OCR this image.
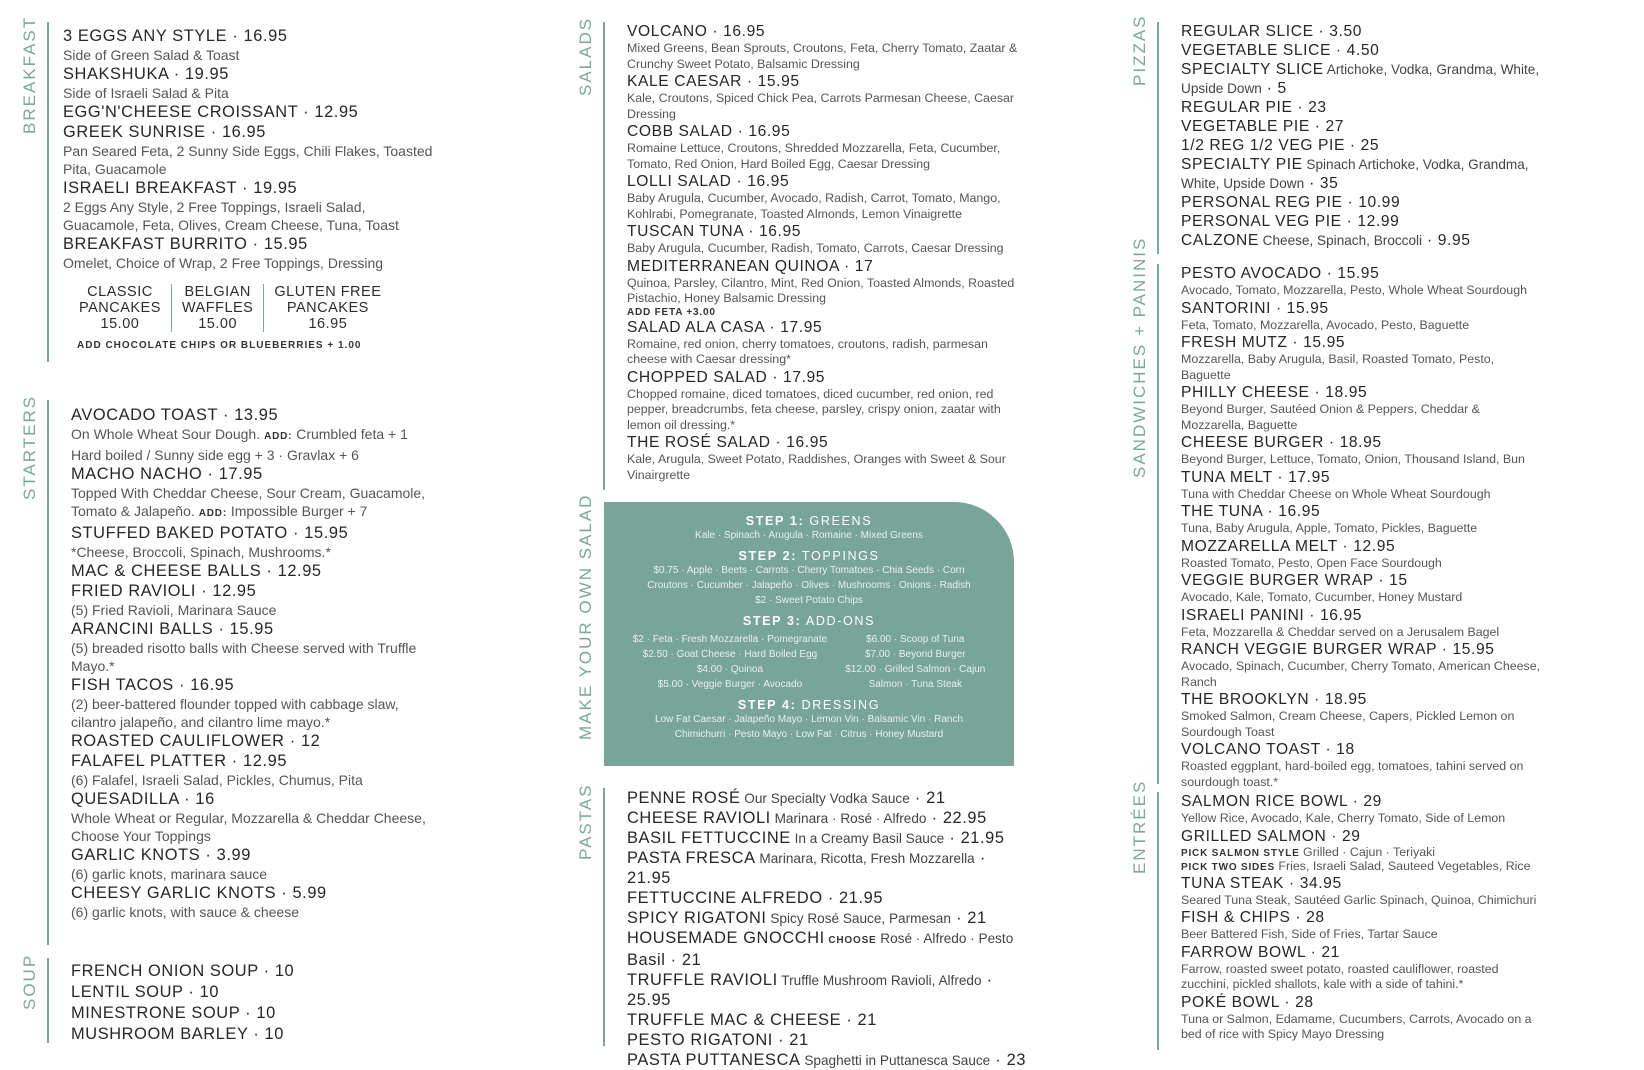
BREAKFAST 3 EGGS ANY STYLE · 16.95
Side of Green Salad & Toast
SHAKSHUKA · 19.95
Side of Israeli Salad & Pita
EGG'N'CHEESE CROISSANT · 12.95
GREEK SUNRISE · 16.95
Pan Seared Feta, 2 Sunny Side Eggs, Chili Flakes, Toasted
Pita, Guacamole
ISRAELI BREAKFAST · 19.95
2 Eggs Any Style, 2 Free Toppings, Israeli Salad,
Guacamole, Feta, Olives, Cream Cheese, Tuna, Toast
BREAKFAST BURRITO · 15.95
Omelet, Choice of Wrap, 2 Free Toppings, Dressing
CLASSIC
PANCAKES
15.00
BELGIAN
WAFFLES
15.00
GLUTEN FREE
PANCAKES
16.95
ADD CHOCOLATE CHIPS OR BLUEBERRIES + 1.00
STARTERS AVOCADO TOAST · 13.95
On Whole Wheat Sour Dough. ADD: Crumbled feta + 1
Hard boiled / Sunny side egg + 3 · Gravlax + 6
MACHO NACHO · 17.95
Topped With Cheddar Cheese, Sour Cream, Guacamole,
Tomato & Jalapeño. ADD: Impossible Burger + 7
STUFFED BAKED POTATO · 15.95
*Cheese, Broccoli, Spinach, Mushrooms.*
MAC & CHEESE BALLS · 12.95
FRIED RAVIOLI · 12.95
(5) Fried Ravioli, Marinara Sauce
ARANCINI BALLS · 15.95
(5) breaded risotto balls with Cheese served with Truffle
Mayo.*
FISH TACOS · 16.95
(2) beer-battered flounder topped with cabbage slaw,
cilantro jalapeño, and cilantro lime mayo.*
ROASTED CAULIFLOWER · 12
FALAFEL PLATTER · 12.95
(6) Falafel, Israeli Salad, Pickles, Chumus, Pita
QUESADILLA · 16
Whole Wheat or Regular, Mozzarella & Cheddar Cheese,
Choose Your Toppings
GARLIC KNOTS · 3.99
(6) garlic knots, marinara sauce
CHEESY GARLIC KNOTS · 5.99
(6) garlic knots, with sauce & cheese
SOUP FRENCH ONION SOUP · 10
LENTIL SOUP · 10
MINESTRONE SOUP · 10
MUSHROOM BARLEY · 10
SALADS VOLCANO · 16.95
Mixed Greens, Bean Sprouts, Croutons, Feta, Cherry Tomato, Zaatar &
Crunchy Sweet Potato, Balsamic Dressing
KALE CAESAR · 15.95
Kale, Croutons, Spiced Chick Pea, Carrots Parmesan Cheese, Caesar
Dressing
COBB SALAD · 16.95
Romaine Lettuce, Croutons, Shredded Mozzarella, Feta, Cucumber,
Tomato, Red Onion, Hard Boiled Egg, Caesar Dressing
LOLLI SALAD · 16.95
Baby Arugula, Cucumber, Avocado, Radish, Carrot, Tomato, Mango,
Kohlrabi, Pomegranate, Toasted Almonds, Lemon Vinaigrette
TUSCAN TUNA · 16.95
Baby Arugula, Cucumber, Radish, Tomato, Carrots, Caesar Dressing
MEDITERRANEAN QUINOA · 17
Quinoa, Parsley, Cilantro, Mint, Red Onion, Toasted Almonds, Roasted
Pistachio, Honey Balsamic Dressing
ADD FETA +3.00
SALAD ALA CASA · 17.95
Romaine, red onion, cherry tomatoes, croutons, radish, parmesan
cheese with Caesar dressing*
CHOPPED SALAD · 17.95
Chopped romaine, diced tomatoes, diced cucumber, red onion, red
pepper, breadcrumbs, feta cheese, parsley, crispy onion, zaatar with
lemon oil dressing.*
THE ROSÉ SALAD · 16.95
Kale, Arugula, Sweet Potato, Raddishes, Oranges with Sweet & Sour
Vinairgrette
MAKE YOUR OWN SALAD	STEP 1: GREENS
Kale · Spinach · Arugula · Romaine · Mixed Greens
STEP 2: TOPPINGS
$0.75 · Apple · Beets · Carrots · Cherry Tomatoes · Chia Seeds · Corn
Croutons · Cucumber · Jalapeño · Olives · Mushrooms · Onions · Radish
$2 · Sweet Potato Chips
STEP 3: ADD-ONS
$2 · Feta · Fresh Mozzarella · Pomegranate
$2.50 · Goat Cheese · Hard Boiled Egg
$4.00 · Quinoa
$5.00 · Veggie Burger · Avocado
$6.00 · Scoop of Tuna
$7.00 · Beyond Burger
$12.00 · Grilled Salmon · Cajun
Salmon · Tuna Steak
STEP 4: DRESSING
Low Fat Caesar · Jalapeño Mayo · Lemon Vin · Balsamic Vin · Ranch
Chimichurri · Pesto Mayo · Low Fat · Citrus · Honey Mustard
PASTAS PENNE ROSÉ Our Specialty Vodka Sauce · 21
CHEESE RAVIOLI Marinara · Rosé · Alfredo · 22.95
BASIL FETTUCCINE In a Creamy Basil Sauce · 21.95
PASTA FRESCA Marinara, Ricotta, Fresh Mozzarella ·
21.95
FETTUCCINE ALFREDO · 21.95
SPICY RIGATONI Spicy Rosé Sauce, Parmesan · 21
HOUSEMADE GNOCCHI CHOOSE Rosé · Alfredo · Pesto
Basil · 21
TRUFFLE RAVIOLI Truffle Mushroom Ravioli, Alfredo ·
25.95
TRUFFLE MAC & CHEESE · 21
PESTO RIGATONI · 21
PASTA PUTTANESCA Spaghetti in Puttanesca Sauce · 23
PIZZAS REGULAR SLICE · 3.50
VEGETABLE SLICE · 4.50
SPECIALTY SLICE Artichoke, Vodka, Grandma, White,
Upside Down · 5
REGULAR PIE · 23
VEGETABLE PIE · 27
1/2 REG 1/2 VEG PIE · 25
SPECIALTY PIE Spinach Artichoke, Vodka, Grandma,
White, Upside Down · 35
PERSONAL REG PIE · 10.99
PERSONAL VEG PIE · 12.99
CALZONE Cheese, Spinach, Broccoli · 9.95
SANDWICHES + PANINIS PESTO AVOCADO · 15.95
Avocado, Tomato, Mozzarella, Pesto, Whole Wheat Sourdough
SANTORINI · 15.95
Feta, Tomato, Mozzarella, Avocado, Pesto, Baguette
FRESH MUTZ · 15.95
Mozzarella, Baby Arugula, Basil, Roasted Tomato, Pesto,
Baguette
PHILLY CHEESE · 18.95
Beyond Burger, Sautéed Onion & Peppers, Cheddar &
Mozzarella, Baguette
CHEESE BURGER · 18.95
Beyond Burger, Lettuce, Tomato, Onion, Thousand Island, Bun
TUNA MELT · 17.95
Tuna with Cheddar Cheese on Whole Wheat Sourdough
THE TUNA · 16.95
Tuna, Baby Arugula, Apple, Tomato, Pickles, Baguette
MOZZARELLA MELT · 12.95
Roasted Tomato, Pesto, Open Face Sourdough
VEGGIE BURGER WRAP · 15
Avocado, Kale, Tomato, Cucumber, Honey Mustard
ISRAELI PANINI · 16.95
Feta, Mozzarella & Cheddar served on a Jerusalem Bagel
RANCH VEGGIE BURGER WRAP · 15.95
Avocado, Spinach, Cucumber, Cherry Tomato, American Cheese,
Ranch
THE BROOKLYN · 18.95
Smoked Salmon, Cream Cheese, Capers, Pickled Lemon on
Sourdough Toast
VOLCANO TOAST · 18
Roasted eggplant, hard-boiled egg, tomatoes, tahini served on
sourdough toast.*
ENTRÉES SALMON RICE BOWL · 29
Yellow Rice, Avocado, Kale, Cherry Tomato, Side of Lemon
GRILLED SALMON · 29
PICK SALMON STYLE Grilled · Cajun · Teriyaki
PICK TWO SIDES Fries, Israeli Salad, Sauteed Vegetables, Rice
TUNA STEAK · 34.95
Seared Tuna Steak, Sautéed Garlic Spinach, Quinoa, Chimichuri
FISH & CHIPS · 28
Beer Battered Fish, Side of Fries, Tartar Sauce
FARROW BOWL · 21
Farrow, roasted sweet potato, roasted cauliflower, roasted
zucchini, pickled shallots, kale with a side of tahini.*
POKÉ BOWL · 28
Tuna or Salmon, Edamame, Cucumbers, Carrots, Avocado on a
bed of rice with Spicy Mayo Dressing
